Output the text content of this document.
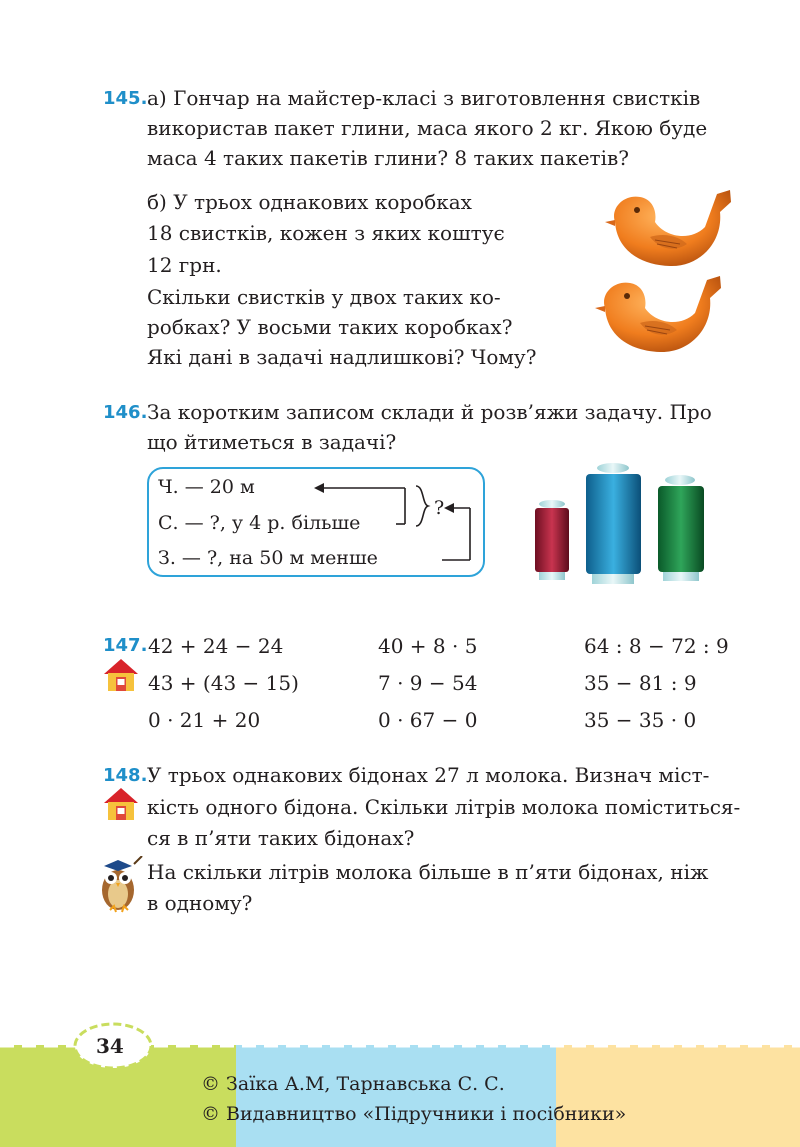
145. а) Гончар на майстер-класі з виготовлення свистків
використав пакет глини, маса якого 2 кг. Якою буде
маса 4 таких пакетів глини? 8 таких пакетів?
б) У трьох однакових коробках
18 свистків, кожен з яких коштує
12 грн.
Скільки свистків у двох таких ко-
робках? У восьми таких коробках?
Які дані в задачі надлишкові? Чому?
146. За коротким записом склади й розв’яжи задачу. Про
що йтиметься в задачі?
Ч. — 20 м
С. — ?, у 4 р. більше
З. — ?, на 50 м менше
?
147. 42 + 24 − 24
43 + (43 − 15)
0 · 21 + 20
40 + 8 · 5
7 · 9 − 54
0 · 67 − 0
64 : 8 − 72 : 9
35 − 81 : 9
35 − 35 · 0
148. У трьох однакових бідонах 27 л молока. Визнач міст-
кість одного бідона. Скільки літрів молока поміститься-
ся в п’яти таких бідонах?
На скільки літрів молока більше в п’яти бідонах, ніж
в одному?
34
© Заїка А.М, Тарнавська С. С.
© Видавництво «Підручники і посібники»
